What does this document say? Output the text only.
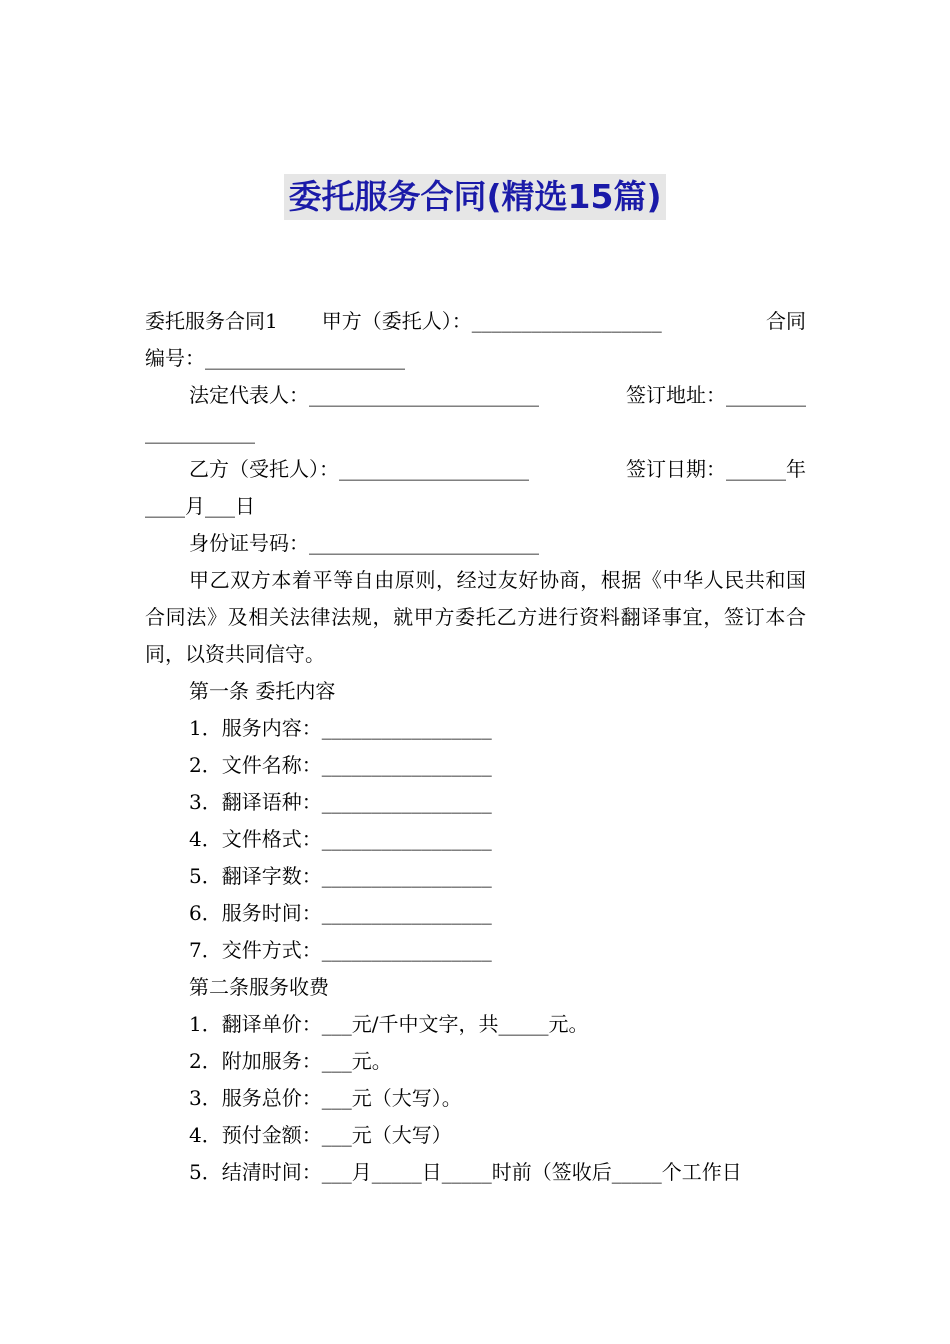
委托服务合同(精选15篇)
委托服务合同1 甲方（委托人）：___________________	合同

编号：____________________

法定代表人：_______________________	签订地址：________

___________

乙方（受托人）：___________________	签订日期：______年

____月___日

身份证号码：_______________________

甲乙双方本着平等自由原则，经过友好协商，根据《中华人民共和国合同法》及相关法律法规，就甲方委托乙方进行资料翻译事宜，签订本合同，以资共同信守。

第一条 委托内容

1．服务内容：_________________

2．文件名称：_________________

3．翻译语种：_________________

4．文件格式：_________________

5．翻译字数：_________________

6．服务时间：_________________

7．交件方式：_________________

第二条服务收费

1．翻译单价：___元/千中文字，共_____元。

2．附加服务：___元。

3．服务总价：___元（大写）。

4．预付金额：___元（大写）

5．结清时间：___月_____日_____时前（签收后_____个工作日
